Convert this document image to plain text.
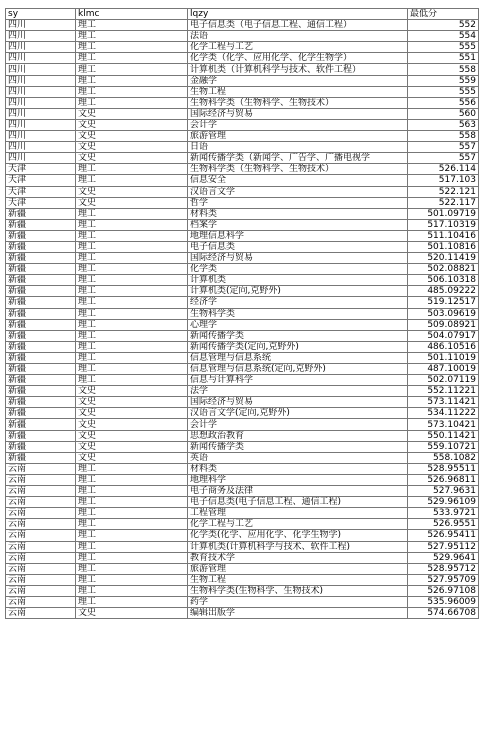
sy	klmc	lqzy	最低分
四川	理工	电子信息类（电子信息工程、通信工程）	552
四川	理工	法语	554
四川	理工	化学工程与工艺	555
四川	理工	化学类（化学、应用化学、化学生物学）	551
四川	理工	计算机类（计算机科学与技术、软件工程）	558
四川	理工	金融学	559
四川	理工	生物工程	555
四川	理工	生物科学类（生物科学、生物技术）	556
四川	文史	国际经济与贸易	560
四川	文史	会计学	563
四川	文史	旅游管理	558
四川	文史	日语	557
四川	文史	新闻传播学类（新闻学、广告学、广播电视学	557
天津	理工	生物科学类（生物科学、生物技术）	526.114
天津	理工	信息安全	517.103
天津	文史	汉语言文学	522.121
天津	文史	哲学	522.117
新疆	理工	材料类	501.09719
新疆	理工	档案学	517.10319
新疆	理工	地理信息科学	511.10416
新疆	理工	电子信息类	501.10816
新疆	理工	国际经济与贸易	520.11419
新疆	理工	化学类	502.08821
新疆	理工	计算机类	506.10318
新疆	理工	计算机类(定向,克野外)	485.09222
新疆	理工	经济学	519.12517
新疆	理工	生物科学类	503.09619
新疆	理工	心理学	509.08921
新疆	理工	新闻传播学类	504.07917
新疆	理工	新闻传播学类(定向,克野外)	486.10516
新疆	理工	信息管理与信息系统	501.11019
新疆	理工	信息管理与信息系统(定向,克野外)	487.10019
新疆	理工	信息与计算科学	502.07119
新疆	文史	法学	552.11221
新疆	文史	国际经济与贸易	573.11421
新疆	文史	汉语言文学(定向,克野外)	534.11222
新疆	文史	会计学	573.10421
新疆	文史	思想政治教育	550.11421
新疆	文史	新闻传播学类	559.10721
新疆	文史	英语	558.1082
云南	理工	材料类	528.95511
云南	理工	地理科学	526.96811
云南	理工	电子商务及法律	527.9631
云南	理工	电子信息类(电子信息工程、通信工程)	529.96109
云南	理工	工程管理	533.9721
云南	理工	化学工程与工艺	526.9551
云南	理工	化学类(化学、应用化学、化学生物学)	526.95411
云南	理工	计算机类(计算机科学与技术、软件工程)	527.95112
云南	理工	教育技术学	529.9641
云南	理工	旅游管理	528.95712
云南	理工	生物工程	527.95709
云南	理工	生物科学类(生物科学、生物技术)	526.97108
云南	理工	药学	535.96009
云南	文史	编辑出版学	574.66708
